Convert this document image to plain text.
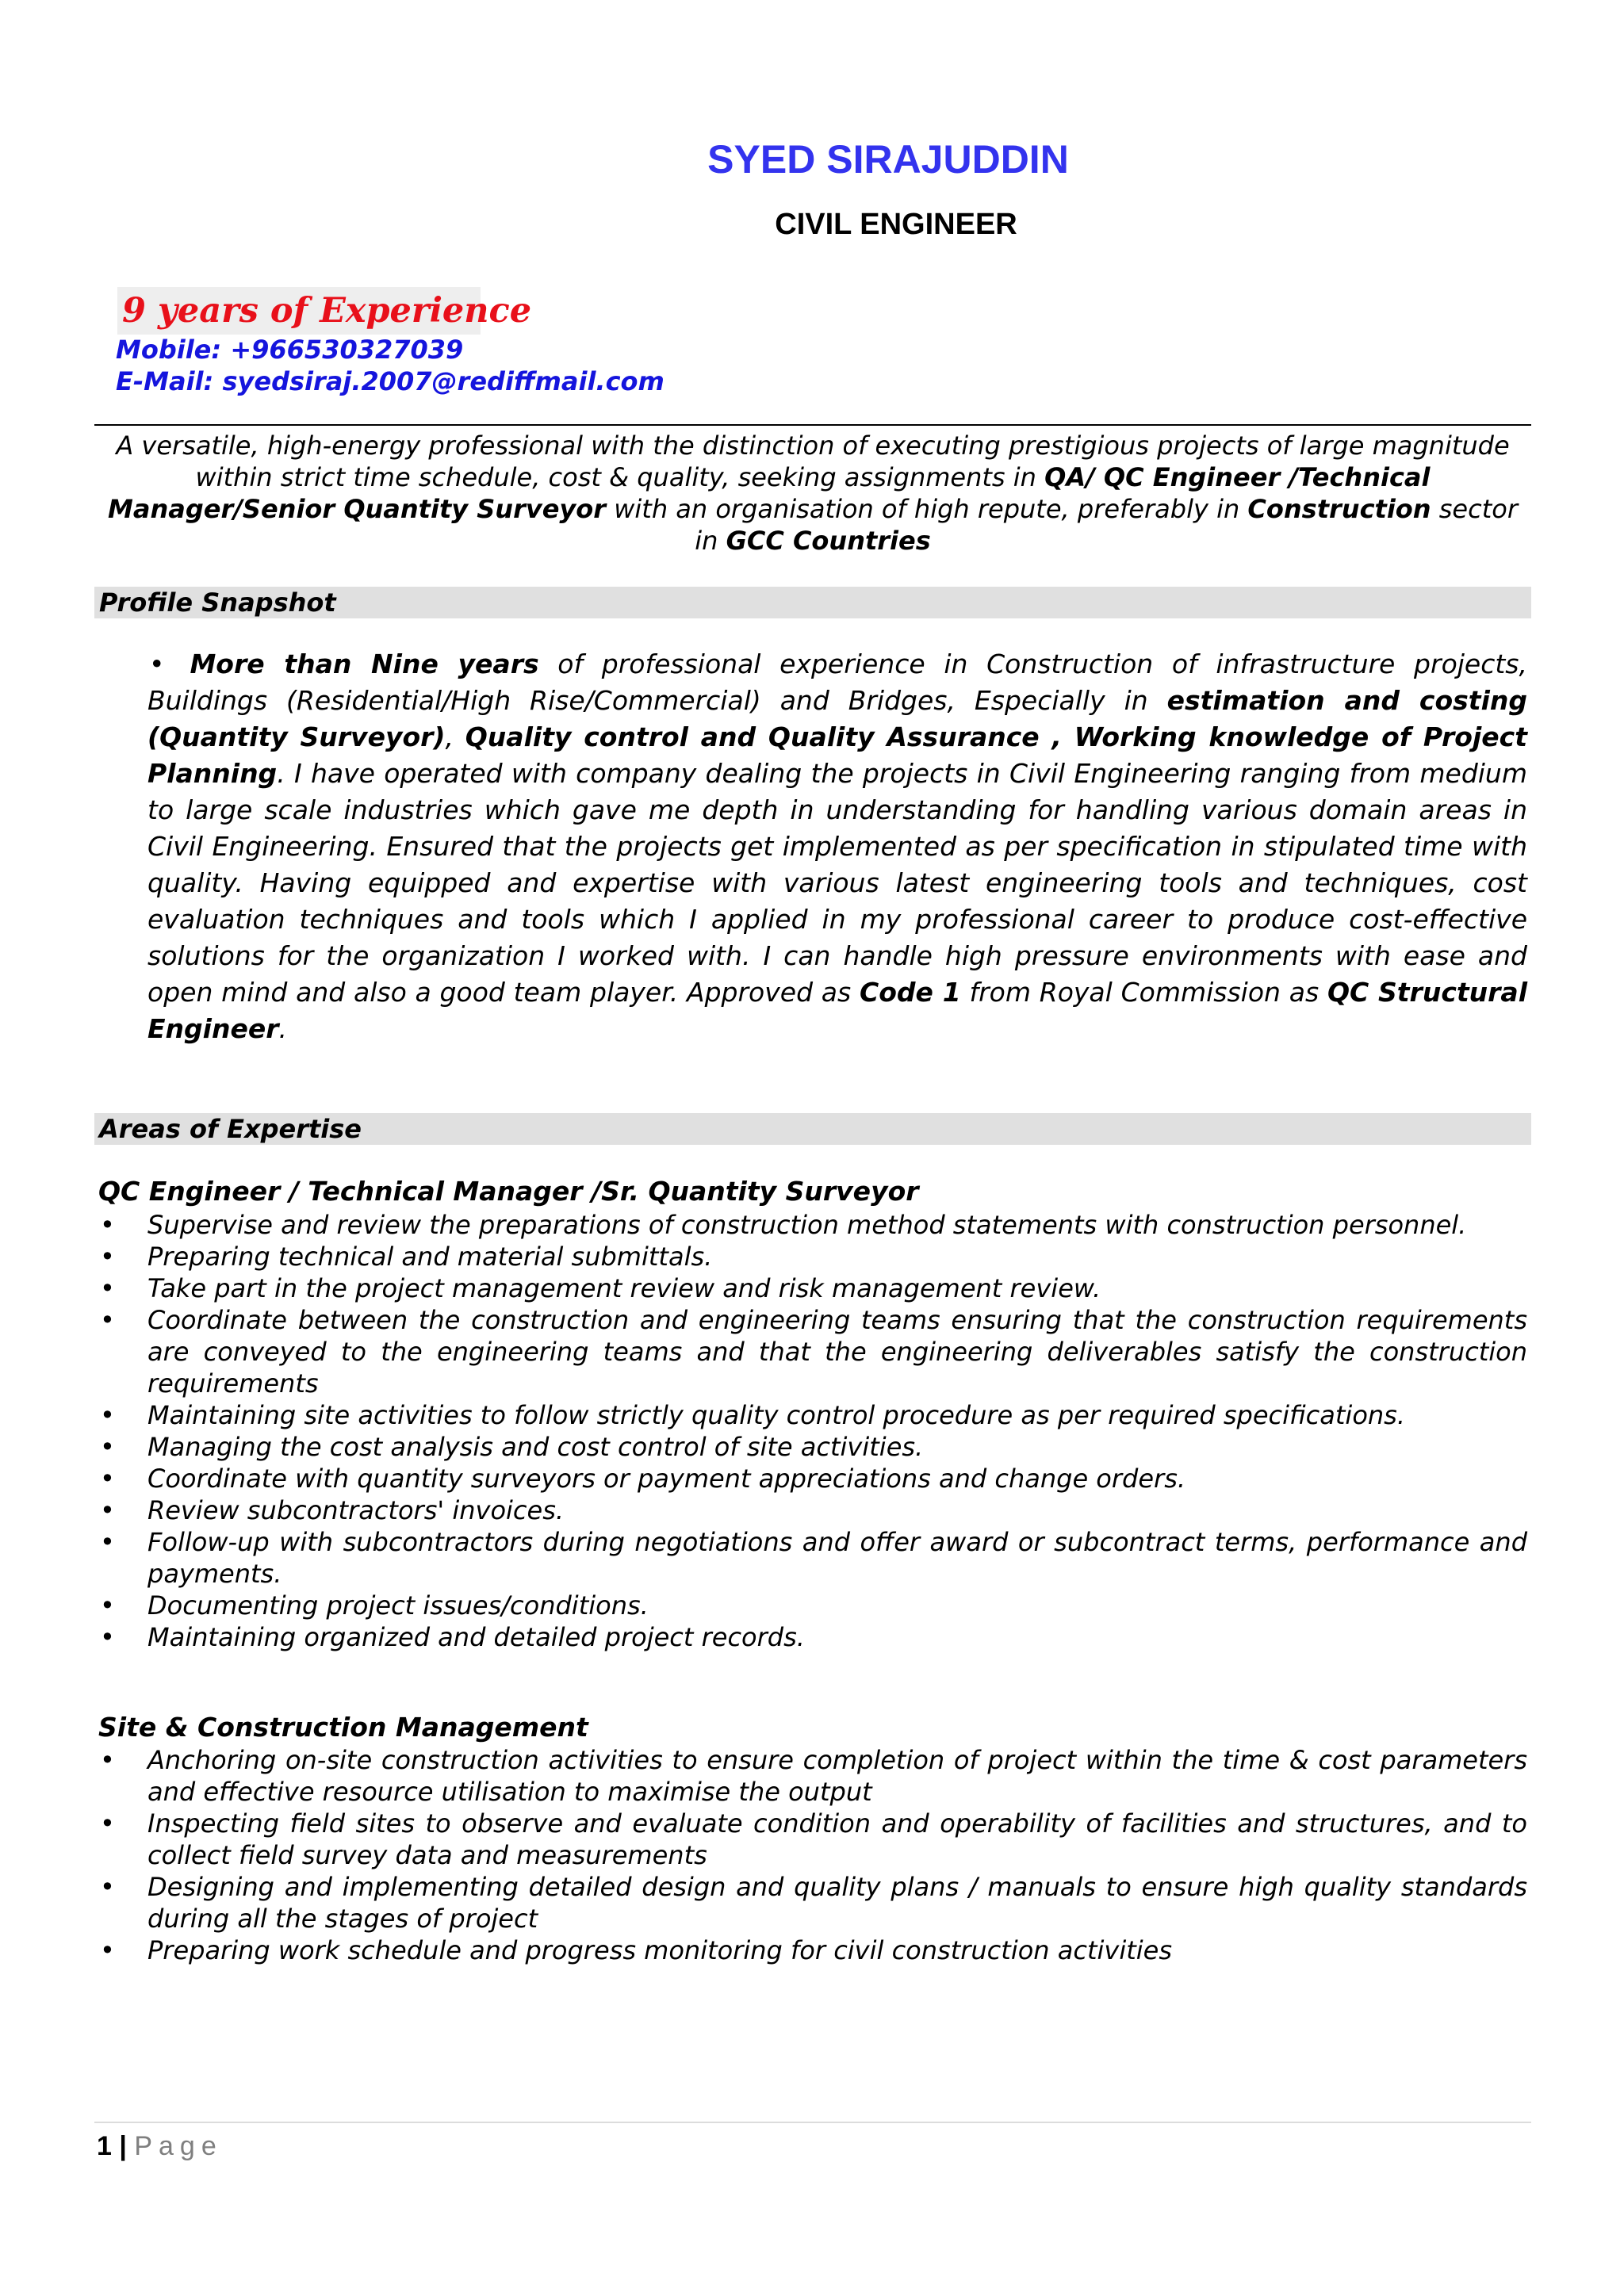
SYED SIRAJUDDIN
CIVIL ENGINEER
9 years of Experience
Mobile: +966530327039
E-Mail: syedsiraj.2007@rediffmail.com
A versatile, high-energy professional with the distinction of executing prestigious projects of large magnitude within strict time schedule, cost & quality, seeking assignments in QA/ QC Engineer /Technical Manager/Senior Quantity Surveyor with an organisation of high repute, preferably in Construction sector in GCC Countries
Profile Snapshot
• More than Nine years of professional experience in Construction of infrastructure projects, Buildings (Residential/High Rise/Commercial) and Bridges, Especially in estimation and costing (Quantity Surveyor), Quality control and Quality Assurance , Working knowledge of Project Planning. I have operated with company dealing the projects in Civil Engineering ranging from medium to large scale industries which gave me depth in understanding for handling various domain areas in Civil Engineering. Ensured that the projects get implemented as per specification in stipulated time with quality. Having equipped and expertise with various latest engineering tools and techniques, cost evaluation techniques and tools which I applied in my professional career to produce cost-effective solutions for the organization I worked with. I can handle high pressure environments with ease and open mind and also a good team player. Approved as Code 1 from Royal Commission as QC Structural Engineer.
Areas of Expertise
QC Engineer / Technical Manager /Sr. Quantity Surveyor
• Supervise and review the preparations of construction method statements with construction personnel.
• Preparing technical and material submittals.
• Take part in the project management review and risk management review.
• Coordinate between the construction and engineering teams ensuring that the construction requirements are conveyed to the engineering teams and that the engineering deliverables satisfy the construction requirements
• Maintaining site activities to follow strictly quality control procedure as per required specifications.
• Managing the cost analysis and cost control of site activities.
• Coordinate with quantity surveyors or payment appreciations and change orders.
• Review subcontractors' invoices.
• Follow-up with subcontractors during negotiations and offer award or subcontract terms, performance and payments.
• Documenting project issues/conditions.
• Maintaining organized and detailed project records.
Site & Construction Management
• Anchoring on-site construction activities to ensure completion of project within the time & cost parameters and effective resource utilisation to maximise the output
• Inspecting field sites to observe and evaluate condition and operability of facilities and structures, and to collect field survey data and measurements
• Designing and implementing detailed design and quality plans / manuals to ensure high quality standards during all the stages of project
• Preparing work schedule and progress monitoring for civil construction activities
1 | Page
